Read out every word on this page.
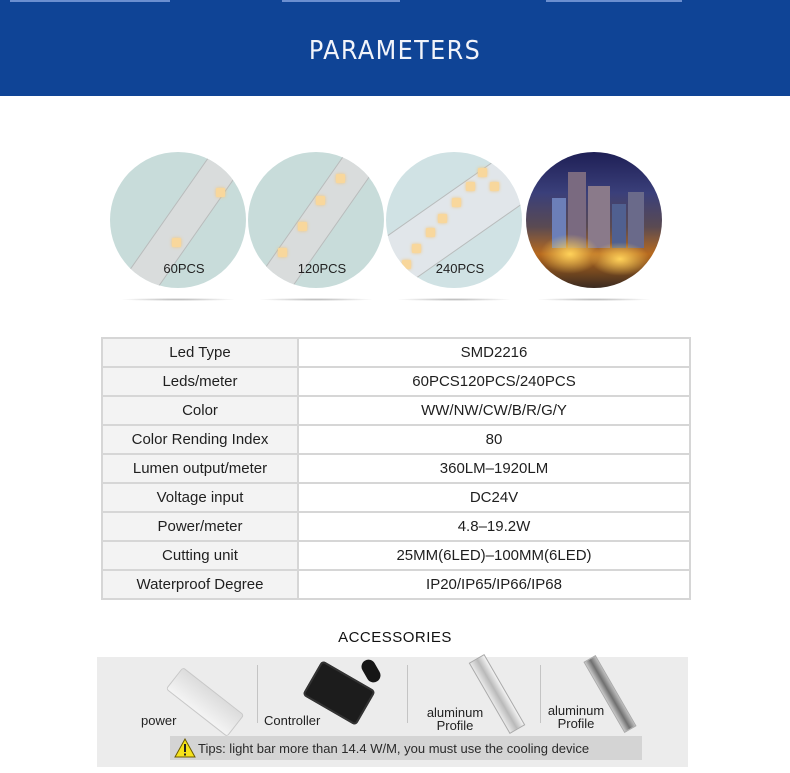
PARAMETERS
60PCS	120PCS	240PCS
Led Type	SMD2216
Leds/meter	60PCS120PCS/240PCS
Color	WW/NW/CW/B/R/G/Y
Color Rending Index	80
Lumen output/meter	360LM–1920LM
Voltage input	DC24V
Power/meter	4.8–19.2W
Cutting unit	25MM(6LED)–100MM(6LED)
Waterproof Degree	IP20/IP65/IP66/IP68
ACCESSORIES
power	Controller
aluminum
Profile
aluminum
Profile
Tips: light bar more than 14.4 W/M, you must use the cooling device
